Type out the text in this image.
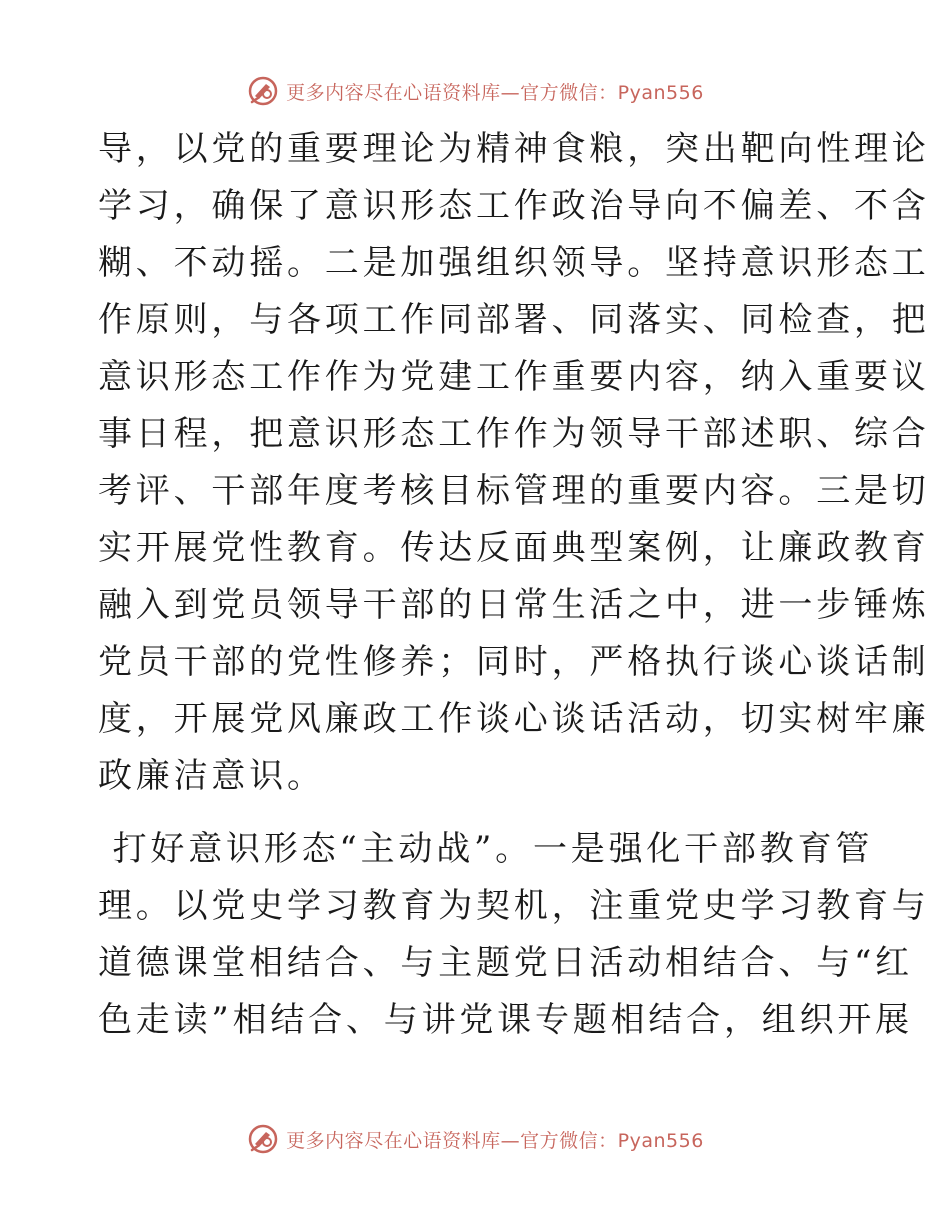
更多内容尽在心语资料库—官方微信：Pyan556

导，以党的重要理论为精神食粮，突出靶向性理论
学习，确保了意识形态工作政治导向不偏差、不含
糊、不动摇。二是加强组织领导。坚持意识形态工
作原则，与各项工作同部署、同落实、同检查，把
意识形态工作作为党建工作重要内容，纳入重要议
事日程，把意识形态工作作为领导干部述职、综合
考评、干部年度考核目标管理的重要内容。三是切
实开展党性教育。传达反面典型案例，让廉政教育
融入到党员领导干部的日常生活之中，进一步锤炼
党员干部的党性修养；同时，严格执行谈心谈话制
度，开展党风廉政工作谈心谈话活动，切实树牢廉
政廉洁意识。

打好意识形态“主动战”。一是强化干部教育管
理。以党史学习教育为契机，注重党史学习教育与
道德课堂相结合、与主题党日活动相结合、与“红
色走读”相结合、与讲党课专题相结合，组织开展

更多内容尽在心语资料库—官方微信：Pyan556
